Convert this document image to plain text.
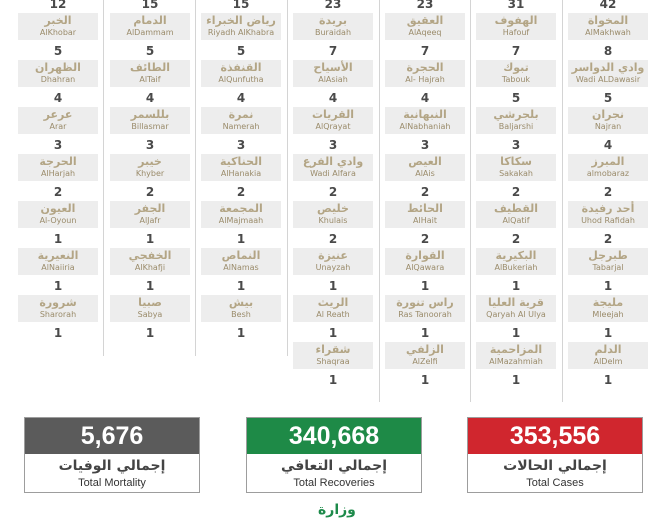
12
الخبر
AlKhobar
5
الظهران
Dhahran
4
عرعر
Arar
3
الحرجة
AlHarjah
2
العيون
Al-Oyoun
1
النعيرية
AlNaiiria
1
شرورة
Sharorah
1
15
الدمام
AlDammam
5
الطائف
AlTaif
4
بللسمر
Billasmar
3
خيبر
Khyber
2
الجفر
AlJafr
1
الخفجي
AlKhafji
1
صبيا
Sabya
1
15
رياض الخبراء
Riyadh AlKhabra
5
القنفذة
AlQunfutha
4
نمرة
Namerah
3
الحناكية
AlHanakia
2
المجمعة
AlMajmaah
1
النماص
AlNamas
1
بيش
Besh
1
23
بريدة
Buraidah
7
الأسياح
AlAsiah
4
القريات
AlQrayat
3
وادي الفرع
Wadi Alfara
2
خليص
Khulais
2
عنيزة
Unayzah
1
الريث
Al Reath
1
شقراء
Shaqraa
1
23
العقيق
AlAqeeq
7
الحجرة
Al- Hajrah
4
النبهانية
AlNabhaniah
3
العيص
AlAis
2
الحائط
AlHait
2
القوارة
AlQawara
1
راس تنورة
Ras Tanoorah
1
الزلفي
AlZelfi
1
31
الهفوف
Hafouf
7
تبوك
Tabouk
5
بلجرشي
Baljarshi
3
سكاكا
Sakakah
2
القطيف
AlQatif
2
البكيرية
AlBukeriah
1
قرية العليا
Qaryah Al Ulya
1
المزاحمية
AlMazahmiah
1
42
المخواة
AlMakhwah
8
وادي الدواسر
Wadi ALDawasir
5
نجران
Najran
4
المبرز
almobaraz
2
أحد رفيدة
Uhod Rafidah
2
طبرجل
Tabarjal
1
مليجة
Mleejah
1
الدلم
AlDelm
1
5,676
إجمالي الوفيات
Total Mortality
340,668
إجمالي التعافي
Total Recoveries
353,556
إجمالي الحالات
Total Cases
وزارة
